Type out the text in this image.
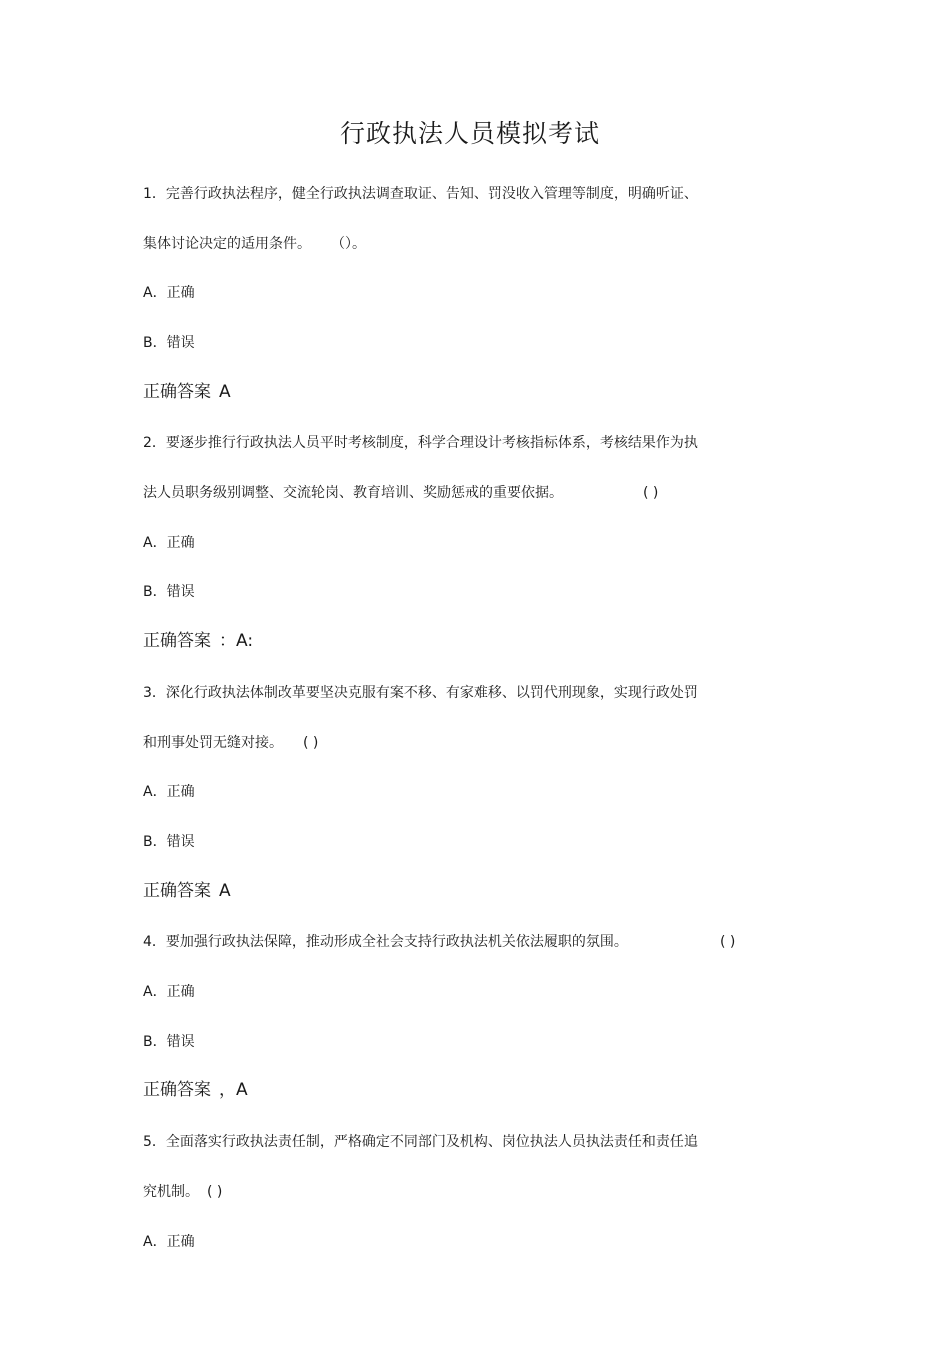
行政执法人员模拟考试
1．完善行政执法程序，健全行政执法调查取证、告知、罚没收入管理等制度，明确听证、
集体讨论决定的适用条件。 （）。
A．正确
B．错误
正确答案 A
2．要逐步推行行政执法人员平时考核制度，科学合理设计考核指标体系，考核结果作为执
法人员职务级别调整、交流轮岗、教育培训、奖励惩戒的重要依据。	( )
A．正确
B．错误
正确答案 ：A:
3．深化行政执法体制改革要坚决克服有案不移、有家难移、以罚代刑现象，实现行政处罚
和刑事处罚无缝对接。 ( )
A．正确
B．错误
正确答案 A
4．要加强行政执法保障，推动形成全社会支持行政执法机关依法履职的氛围。	( )
A．正确
B．错误
正确答案 ，A
5．全面落实行政执法责任制，严格确定不同部门及机构、岗位执法人员执法责任和责任追
究机制。 ( )
A．正确
